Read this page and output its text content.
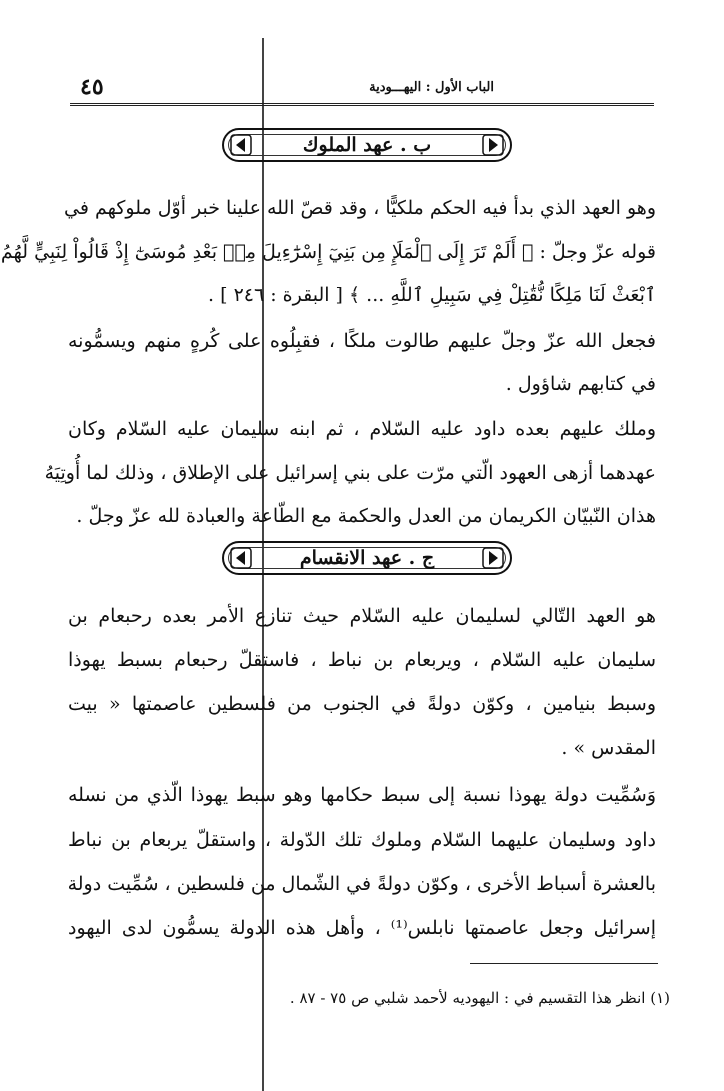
٤٥	الباب الأول : اليهـــودية
ب . عهد الملوك

وهو العهد الذي بدأ فيه الحكم ملكيًّا ، وقد قصّ الله علينا خبر أوّل ملوكهم في

قوله عزّ وجلّ : ﴿ أَلَمْ تَرَ إِلَى ٱلْمَلَإِ مِن بَنِيٓ إِسْرَٰٓءِيلَ مِنۢ بَعْدِ مُوسَىٰٓ إِذْ قَالُواْ لِنَبِيٍّ لَّهُمُ

ٱبْعَثْ لَنَا مَلِكًا نُّقَٰتِلْ فِي سَبِيلِ ٱللَّهِ ... ﴾ [ البقرة : ٢٤٦ ] .

فجعل الله عزّ وجلّ عليهم طالوت ملكًا ، فقبِلُوه على كُرهٍ منهم ويسمُّونه

في كتابهم شاؤول .

وملك عليهم بعده داود عليه السّلام ، ثم ابنه سليمان عليه السّلام وكان

عهدهما أزهى العهود الّتي مرّت على بني إسرائيل على الإطلاق ، وذلك لما أُوتِيَهُ

هذان النّبيّان الكريمان من العدل والحكمة مع الطّاعة والعبادة لله عزّ وجلّ .

ج . عهد الانقسام

هو العهد التّالي لسليمان عليه السّلام حيث تنازع الأمر بعده رحبعام بن

سليمان عليه السّلام ، ويربعام بن نباط ، فاستقلّ رحبعام بسبط يهوذا

وسبط بنيامين ، وكوّن دولةً في الجنوب من فلسطين عاصمتها « بيت

المقدس » .

وَسُمِّيت دولة يهوذا نسبة إلى سبط حكامها وهو سبط يهوذا الّذي من نسله

داود وسليمان عليهما السّلام وملوك تلك الدّولة ، واستقلّ يربعام بن نباط

بالعشرة أسباط الأخرى ، وكوّن دولةً في الشّمال من فلسطين ، سُمِّيت دولة

إسرائيل وجعل عاصمتها نابلس⁽¹⁾ ، وأهل هذه الدولة يسمُّون لدى اليهود

(١) انظر هذا التقسيم في : اليهوديه لأحمد شلبي ص ٧٥ - ٨٧ .
